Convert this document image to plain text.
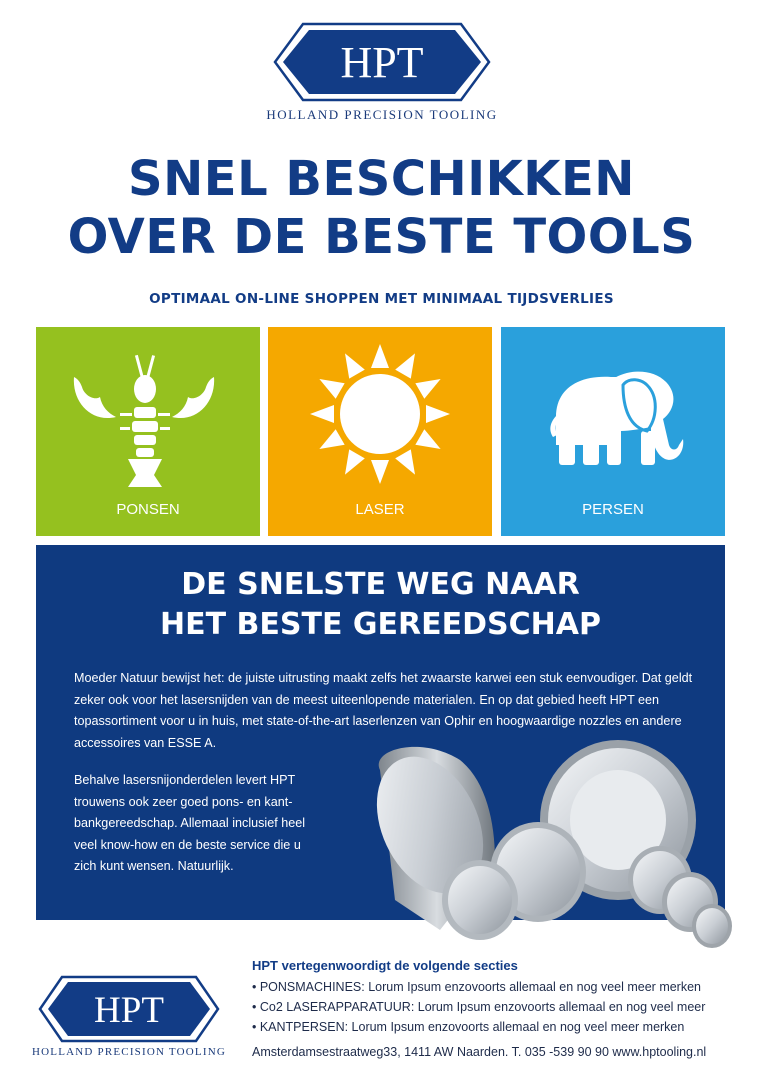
HPT
HOLLAND PRECISION TOOLING
SNEL BESCHIKKEN
OVER DE BESTE TOOLS
OPTIMAAL ON-LINE SHOPPEN MET MINIMAAL TIJDSVERLIES
PONSEN	LASER	PERSEN
DE SNELSTE WEG NAAR
HET BESTE GEREEDSCHAP
Moeder Natuur bewijst het: de juiste uitrusting maakt zelfs het zwaarste karwei een stuk eenvoudiger. Dat geldt zeker ook voor het lasersnijden van de meest uiteenlopende materialen. En op dat gebied heeft HPT een topassortiment voor u in huis, met state-of-the-art laserlenzen van Ophir en hoogwaardige nozzles en andere accessoires van ESSE A.
Behalve lasersnijonderdelen levert HPT trouwens ook zeer goed pons- en kant-bankgereedschap. Allemaal inclusief heel veel know-how en de beste service die u zich kunt wensen. Natuurlijk.
HPT
HOLLAND PRECISION TOOLING
HPT vertegenwoordigt de volgende secties
• PONSMACHINES: Lorum Ipsum enzovoorts allemaal en nog veel meer merken
• Co2 LASERAPPARATUUR: Lorum Ipsum enzovoorts allemaal en nog veel meer
• KANTPERSEN: Lorum Ipsum enzovoorts allemaal en nog veel meer merken
Amsterdamsestraatweg33, 1411 AW Naarden. T. 035 -539 90 90 www.hptooling.nl
